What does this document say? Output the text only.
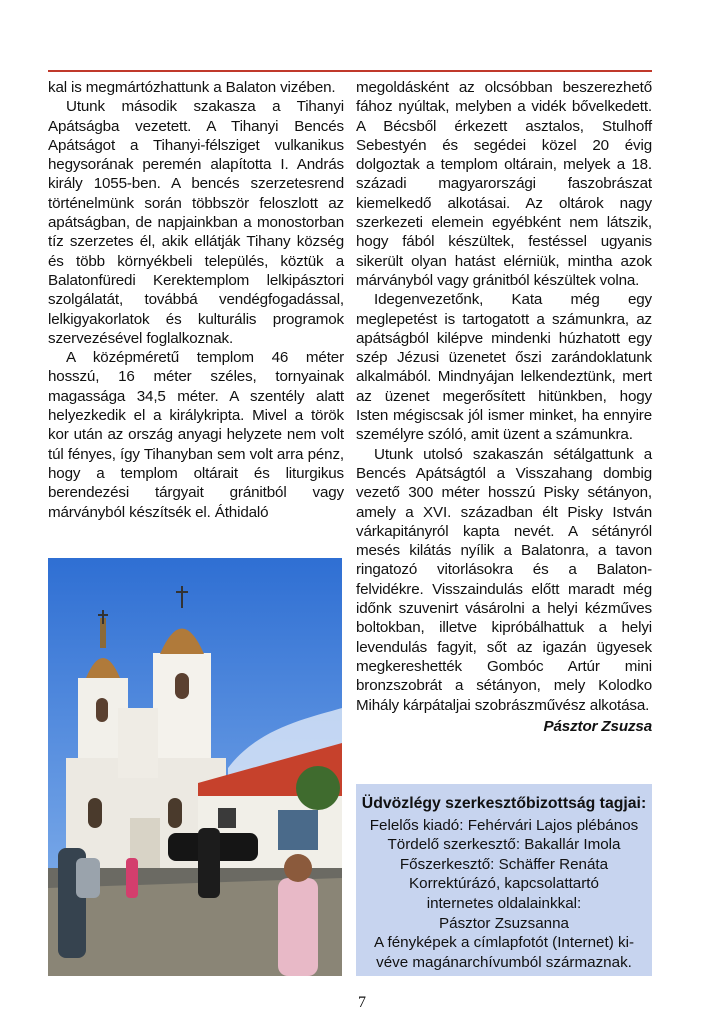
kal is megmártózhattunk a Balaton vizében.

Utunk második szakasza a Tihanyi Apátságba vezetett. A Tihanyi Bencés Apátságot a Tihanyi-félsziget vulkanikus hegysorának peremén alapította I. András király 1055-ben. A bencés szerzetesrend történelmünk során többször feloszlott az apátságban, de napjainkban a monostorban tíz szerzetes él, akik ellátják Tihany község és több környékbeli település, köztük a Balatonfüredi Kerektemplom lelkipásztori szolgálatát, továbbá vendégfogadással, lelkigyakorlatok és kulturális programok szervezésével foglalkoznak.

A középméretű templom 46 méter hosszú, 16 méter széles, tornyainak magassága 34,5 méter. A szentély alatt helyezkedik el a királykripta. Mivel a török kor után az ország anyagi helyzete nem volt túl fényes, így Tihanyban sem volt arra pénz, hogy a templom oltárait és liturgikus berendezési tárgyait gránitból vagy márványból készítsék el. Áthidaló

megoldásként az olcsóbban beszerezhető fához nyúltak, melyben a vidék bővelkedett. A Bécsből érkezett asztalos, Stulhoff Sebestyén és segédei közel 20 évig dolgoztak a templom oltárain, melyek a 18. századi magyarországi faszobrászat kiemelkedő alkotásai. Az oltárok nagy szerkezeti elemein egyébként nem látszik, hogy fából készültek, festéssel ugyanis sikerült olyan hatást elérniük, mintha azok márványból vagy gránitból készültek volna.

Idegenvezetőnk, Kata még egy meglepetést is tartogatott a számunkra, az apátságból kilépve mindenki húzhatott egy szép Jézusi üzenetet őszi zarándoklatunk alkalmából. Mindnyájan lelkendeztünk, mert az üzenet megerősített hitünkben, hogy Isten mégiscsak jól ismer minket, ha ennyire személyre szóló, amit üzent a számunkra.

Utunk utolsó szakaszán sétálgattunk a Bencés Apátságtól a Visszahang dombig vezető 300 méter hosszú Pisky sétányon, amely a XVI. században élt Pisky István várkapitányról kapta nevét. A sétányról mesés kilátás nyílik a Balatonra, a tavon ringatozó vitorlásokra és a Balaton-felvidékre. Visszaindulás előtt maradt még időnk szuvenirt vásárolni a helyi kézműves boltokban, illetve kipróbálhattuk a helyi levendulás fagyit, sőt az igazán ügyesek megkereshették Gombóc Artúr mini bronzszobrát a sétányon, mely Kolodko Mihály kárpátaljai szobrászművész alkotása.

Pásztor Zsuzsa

Üdvözlégy szerkesztőbizottság tagjai:

Felelős kiadó: Fehérvári Lajos plébános

Tördelő szerkesztő: Bakallár Imola

Főszerkesztő: Schäffer Renáta

Korrektúrázó, kapcsolattartó

internetes oldalainkkal:

Pásztor Zsuzsanna

A fényképek a címlapfotót (Internet) ki-

véve magánarchívumból származnak.

7
